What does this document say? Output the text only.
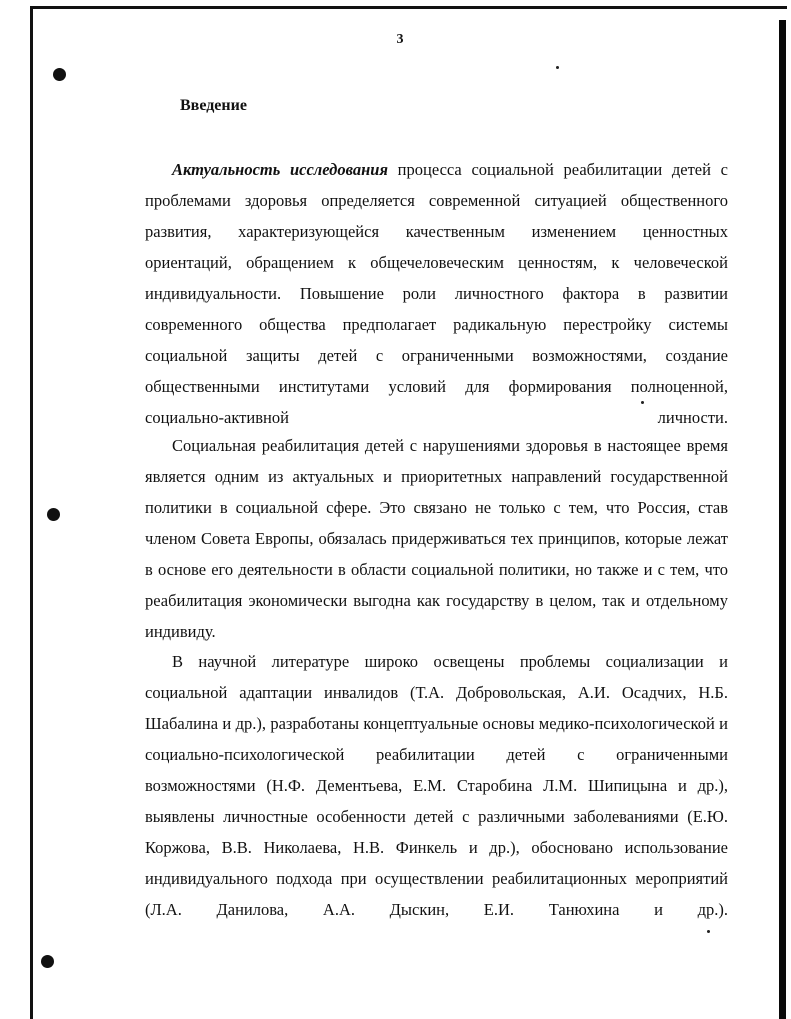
3
Введение

Актуальность исследования процесса социальной реабилитации детей с проблемами здоровья определяется современной ситуацией общественного развития, характеризующейся качественным изменением ценностных ориентаций, обращением к общечеловеческим ценностям, к человеческой индивидуальности. Повышение роли личностного фактора в развитии современного общества предполагает радикальную перестройку системы социальной защиты детей с ограниченными возможностями, создание общественными институтами условий для формирования полноценной, социально-активной личности.

Социальная реабилитация детей с нарушениями здоровья в настоящее время является одним из актуальных и приоритетных направлений государственной политики в социальной сфере. Это связано не только с тем, что Россия, став членом Совета Европы, обязалась придерживаться тех принципов, которые лежат в основе его деятельности в области социальной политики, но также и с тем, что реабилитация экономически выгодна как государству в целом, так и отдельному индивиду.

В научной литературе широко освещены проблемы социализации и социальной адаптации инвалидов (Т.А. Добровольская, А.И. Осадчих, Н.Б. Шабалина и др.), разработаны концептуальные основы медико-психологической и социально-психологической реабилитации детей с ограниченными возможностями (Н.Ф. Дементьева, Е.М. Старобина Л.М. Шипицына и др.), выявлены личностные особенности детей с различными заболеваниями (Е.Ю. Коржова, В.В. Николаева, Н.В. Финкель и др.), обосновано использование индивидуального подхода при осуществлении реабилитационных мероприятий (Л.А. Данилова, А.А. Дыскин, Е.И. Танюхина и др.).
